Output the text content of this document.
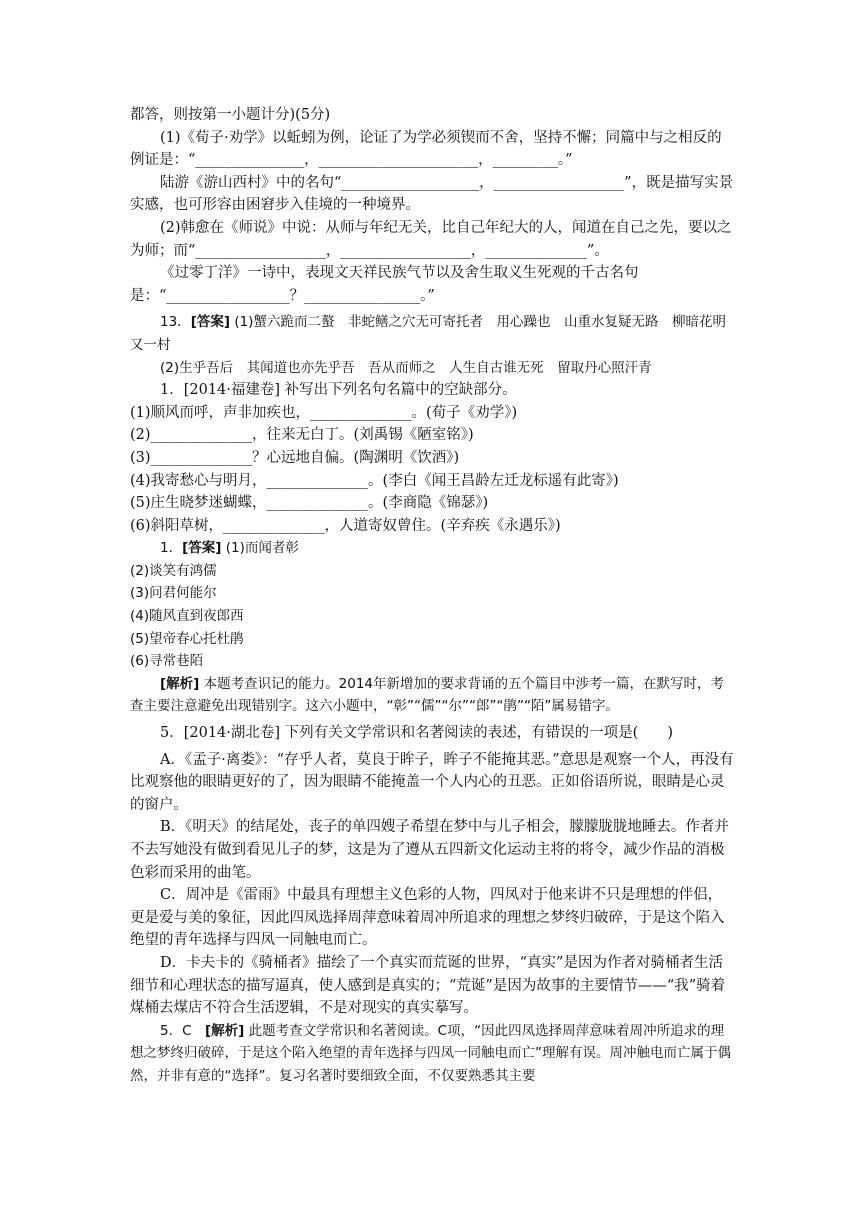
都答，则按第一小题计分)(5分)

(1)《荀子·劝学》以蚯蚓为例，论证了为学必须锲而不舍，坚持不懈；同篇中与之相反的例证是：“_______________，______________________，_________。”

陆游《游山西村》中的名句“___________________，__________________”，既是描写实景实感，也可形容由困窘步入佳境的一种境界。

(2)韩愈在《师说》中说：从师与年纪无关，比自己年纪大的人，闻道在自己之先，要以之为师；而“__________________，__________________，______________”。

《过零丁洋》一诗中，表现文天祥民族气节以及舍生取义生死观的千古名句是：“_________________？________________。”

13．[答案] (1)蟹六跪而二螯　非蛇鳝之穴无可寄托者　用心躁也　山重水复疑无路　柳暗花明又一村

(2)生乎吾后　其闻道也亦先乎吾　吾从而师之　人生自古谁无死　留取丹心照汗青

1．[2014·福建卷] 补写出下列名句名篇中的空缺部分。

(1)顺风而呼，声非加疾也，______________。(荀子《劝学》)

(2)______________，往来无白丁。(刘禹锡《陋室铭》)

(3)______________？心远地自偏。(陶渊明《饮酒》)

(4)我寄愁心与明月，______________。(李白《闻王昌龄左迁龙标遥有此寄》)

(5)庄生晓梦迷蝴蝶，______________。(李商隐《锦瑟》)

(6)斜阳草树，______________，人道寄奴曾住。(辛弃疾《永遇乐》)

1．[答案] (1)而闻者彰

(2)谈笑有鸿儒

(3)问君何能尔

(4)随风直到夜郎西

(5)望帝春心托杜鹃

(6)寻常巷陌

[解析] 本题考查识记的能力。2014年新增加的要求背诵的五个篇目中涉考一篇，在默写时，考查主要注意避免出现错别字。这六小题中，“彰”“儒”“尔”“郎”“鹃”“陌”属易错字。

5．[2014·湖北卷] 下列有关文学常识和名著阅读的表述，有错误的一项是(　　)

A．《孟子·离娄》：“存乎人者，莫良于眸子，眸子不能掩其恶。”意思是观察一个人，再没有比观察他的眼睛更好的了，因为眼睛不能掩盖一个人内心的丑恶。正如俗语所说，眼睛是心灵的窗户。

B．《明天》的结尾处，丧子的单四嫂子希望在梦中与儿子相会，朦朦胧胧地睡去。作者并不去写她没有做到看见儿子的梦，这是为了遵从五四新文化运动主将的将令，减少作品的消极色彩而采用的曲笔。

C．周冲是《雷雨》中最具有理想主义色彩的人物，四凤对于他来讲不只是理想的伴侣，更是爱与美的象征，因此四凤选择周萍意味着周冲所追求的理想之梦终归破碎，于是这个陷入绝望的青年选择与四凤一同触电而亡。

D．卡夫卡的《骑桶者》描绘了一个真实而荒诞的世界，“真实”是因为作者对骑桶者生活细节和心理状态的描写逼真，使人感到是真实的；“荒诞”是因为故事的主要情节——“我”骑着煤桶去煤店不符合生活逻辑，不是对现实的真实摹写。

5．C　[解析] 此题考查文学常识和名著阅读。C项，“因此四凤选择周萍意味着周冲所追求的理想之梦终归破碎，于是这个陷入绝望的青年选择与四凤一同触电而亡”理解有误。周冲触电而亡属于偶然，并非有意的“选择”。复习名著时要细致全面，不仅要熟悉其主要
